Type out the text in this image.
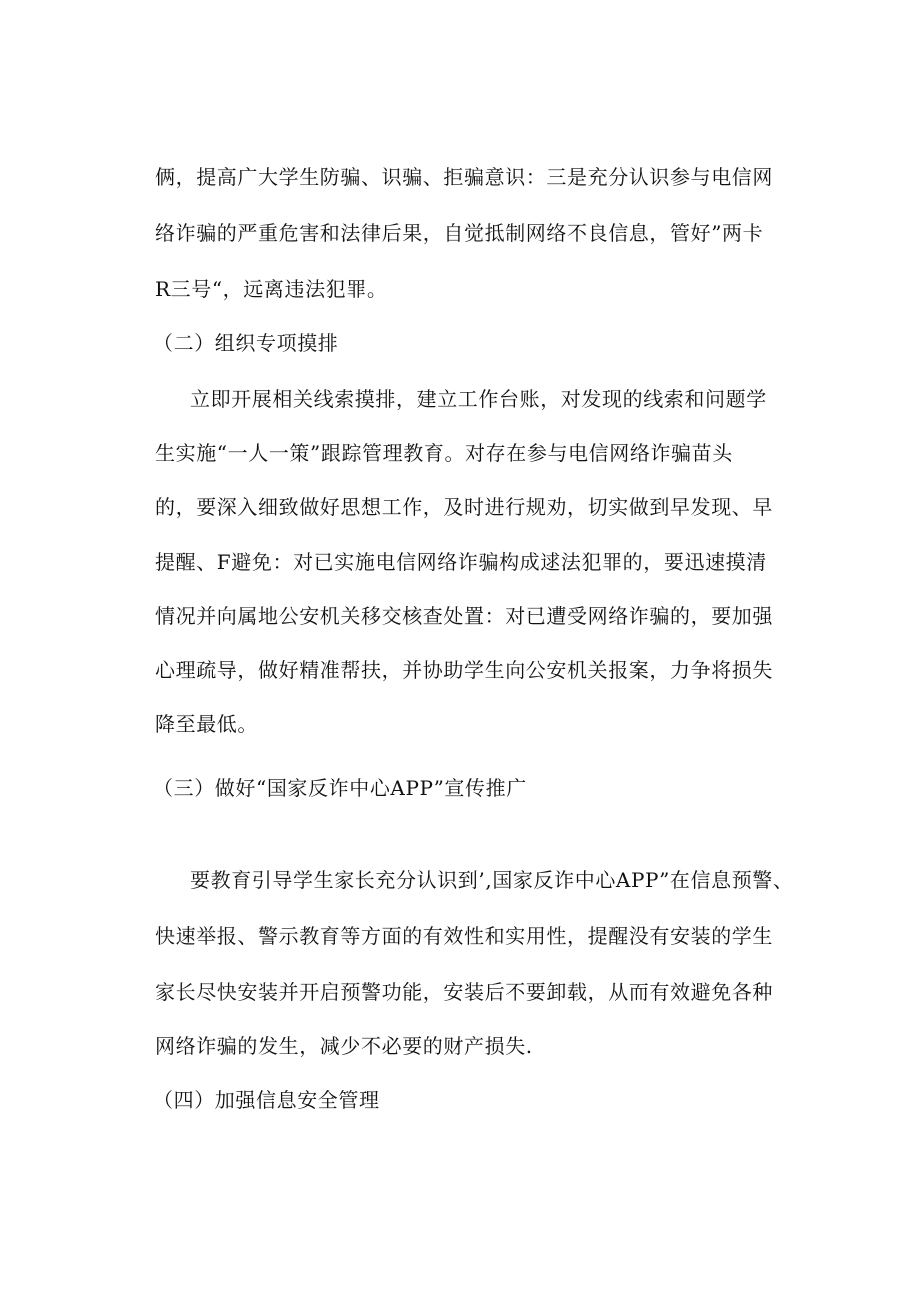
俩，提高广大学生防骗、识骗、拒骗意识：三是充分认识参与电信网
络诈骗的严重危害和法律后果，自觉抵制网络不良信息，管好”两卡
R三号“，远离违法犯罪。
（二）组织专项摸排
立即开展相关线索摸排，建立工作台账，对发现的线索和问题学
生实施“一人一策”跟踪管理教育。对存在参与电信网络诈骗苗头
的，要深入细致做好思想工作，及时进行规劝，切实做到早发现、早
提醒、F避免：对已实施电信网络诈骗构成逑法犯罪的，要迅速摸清
情况并向属地公安机关移交核查处置：对已遭受网络诈骗的，要加强
心理疏导，做好精准帮扶，并协助学生向公安机关报案，力争将损失
降至最低。
（三）做好“国家反诈中心APP”宣传推广
要教育引导学生家长充分认识到’,国家反诈中心APP”在信息预警、
快速举报、警示教育等方面的有效性和实用性，提醒没有安装的学生
家长尽快安装并开启预警功能，安装后不要卸载，从而有效避免各种
网络诈骗的发生，减少不必要的财产损失.
（四）加强信息安全管理
